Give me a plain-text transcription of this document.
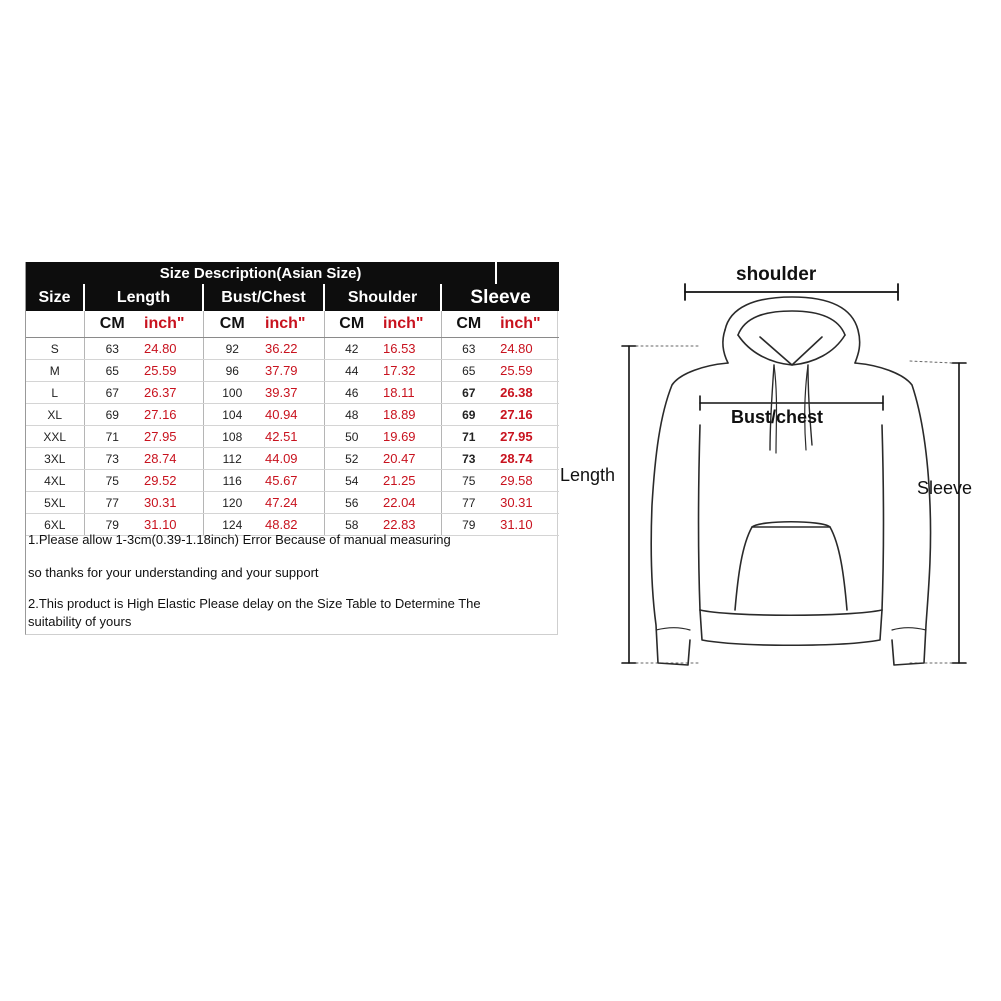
Size Description(Asian Size)								
Size	Length		Bust/Chest		Shoulder		Sleeve	
	CM	inch"	CM	inch"	CM	inch"	CM	inch"
S	63	24.80	92	36.22	42	16.53	63	24.80
M	65	25.59	96	37.79	44	17.32	65	25.59
L	67	26.37	100	39.37	46	18.11	67	26.38
XL	69	27.16	104	40.94	48	18.89	69	27.16
XXL	71	27.95	108	42.51	50	19.69	71	27.95
3XL	73	28.74	112	44.09	52	20.47	73	28.74
4XL	75	29.52	116	45.67	54	21.25	75	29.58
5XL	77	30.31	120	47.24	56	22.04	77	30.31
6XL	79	31.10	124	48.82	58	22.83	79	31.10
1.Please allow 1-3cm(0.39-1.18inch) Error Because of manual measuring
so thanks for your understanding and your support
2.This product is High Elastic Please delay on the Size Table to Determine The
suitability of yours
shoulder
Bust/chest
Length
Sleeve
